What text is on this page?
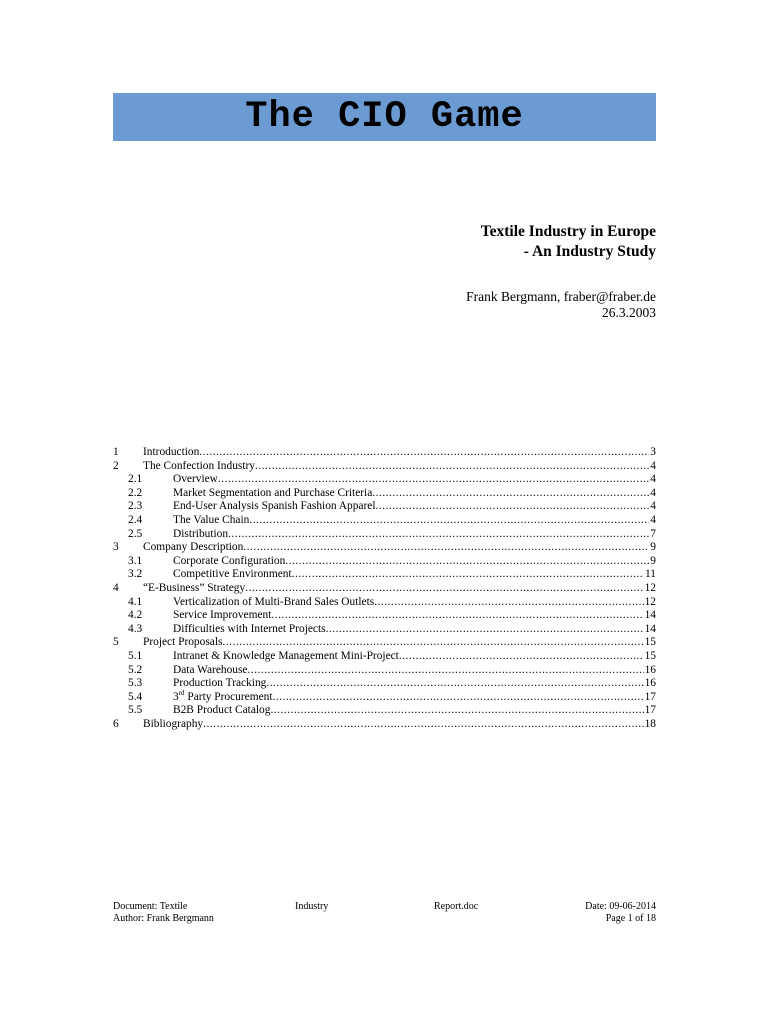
The CIO Game
Textile Industry in Europe
- An Industry Study
Frank Bergmann, fraber@fraber.de
26.3.2003
1	Introduction .....	3
2	The Confection Industry .....	4
2.1	Overview .....	4
2.2	Market Segmentation and Purchase Criteria .....	4
2.3	End-User Analysis Spanish Fashion Apparel .....	4
2.4	The Value Chain .....	4
2.5	Distribution .....	7
3	Company Description .....	9
3.1	Corporate Configuration .....	9
3.2	Competitive Environment .....	11
4	“E-Business” Strategy .....	12
4.1	Verticalization of Multi-Brand Sales Outlets .....	12
4.2	Service Improvement .....	14
4.3	Difficulties with Internet Projects .....	14
5	Project Proposals .....	15
5.1	Intranet & Knowledge Management Mini-Project .....	15
5.2	Data Warehouse .....	16
5.3	Production Tracking .....	16
5.4	3rd Party Procurement .....	17
5.5	B2B Product Catalog .....	17
6	Bibliography .....	18
Document: Textile	Industry	Report.doc	Date: 09-06-2014
Author: Frank Bergmann	Page 1 of 18
